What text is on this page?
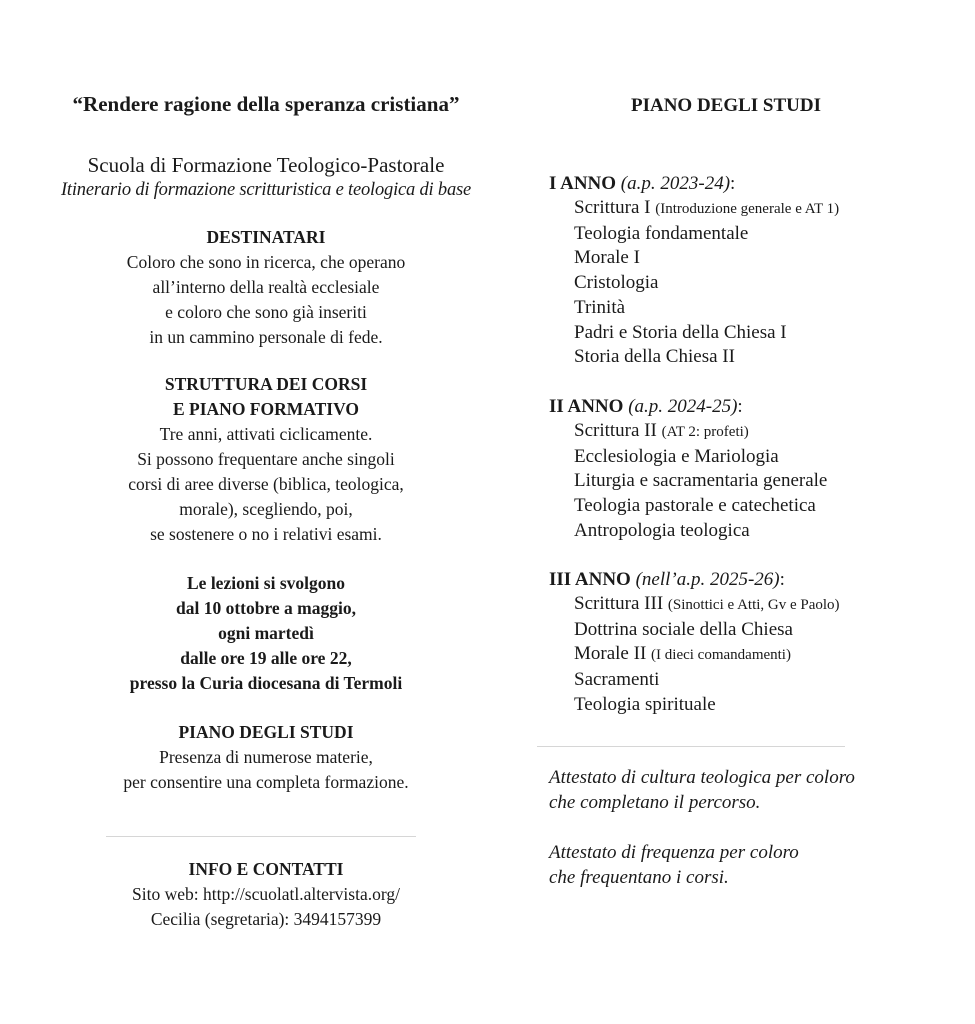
“Rendere ragione della speranza cristiana”

Scuola di Formazione Teologico-Pastorale

Itinerario di formazione scritturistica e teologica di base

DESTINATARI

Coloro che sono in ricerca, che operano

all’interno della realtà ecclesiale

e coloro che sono già inseriti

in un cammino personale di fede.

STRUTTURA DEI CORSI

E PIANO FORMATIVO

Tre anni, attivati ciclicamente.

Si possono frequentare anche singoli

corsi di aree diverse (biblica, teologica,

morale), scegliendo, poi,

se sostenere o no i relativi esami.

Le lezioni si svolgono

dal 10 ottobre a maggio,

ogni martedì

dalle ore 19 alle ore 22,

presso la Curia diocesana di Termoli

PIANO DEGLI STUDI

Presenza di numerose materie,

per consentire una completa formazione.

INFO E CONTATTI

Sito web: http://scuolatl.altervista.org/

Cecilia (segretaria): 3494157399

PIANO DEGLI STUDI

I ANNO (a.p. 2023-24):

Scrittura I (Introduzione generale e AT 1)

Teologia fondamentale

Morale I

Cristologia

Trinità

Padri e Storia della Chiesa I

Storia della Chiesa II

II ANNO (a.p. 2024-25):

Scrittura II (AT 2: profeti)

Ecclesiologia e Mariologia

Liturgia e sacramentaria generale

Teologia pastorale e catechetica

Antropologia teologica

III ANNO (nell’a.p. 2025-26):

Scrittura III (Sinottici e Atti, Gv e Paolo)

Dottrina sociale della Chiesa

Morale II (I dieci comandamenti)

Sacramenti

Teologia spirituale

Attestato di cultura teologica per coloro

che completano il percorso.

Attestato di frequenza per coloro

che frequentano i corsi.
